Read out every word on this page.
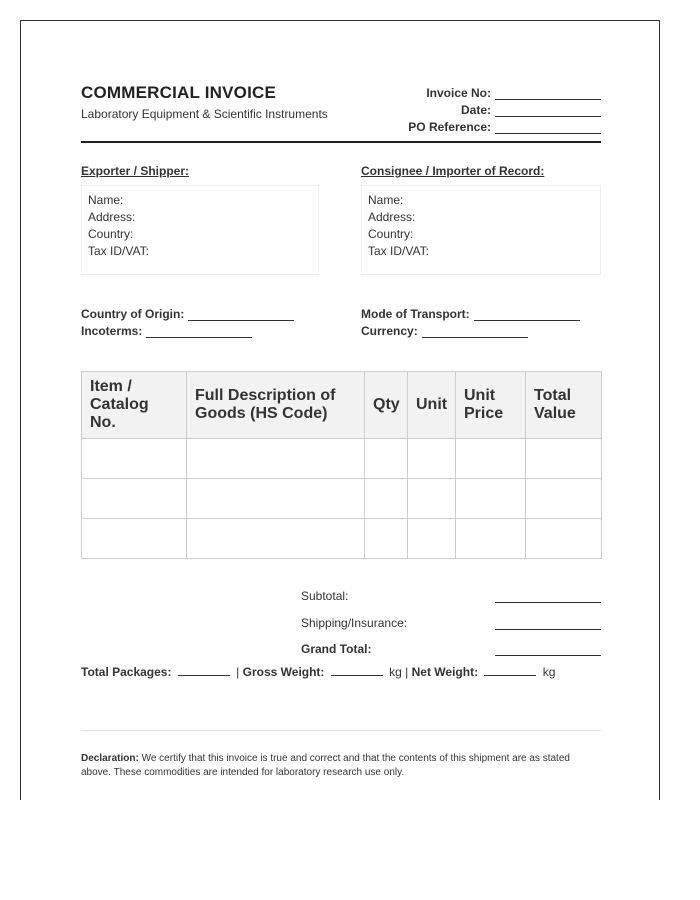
COMMERCIAL INVOICE
Laboratory Equipment & Scientific Instruments
Invoice No:
Date:
PO Reference:
Exporter / Shipper:
Name:
Address:
Country:
Tax ID/VAT:
Consignee / Importer of Record:
Name:
Address:
Country:
Tax ID/VAT:
Country of Origin:
Incoterms:
Mode of Transport:
Currency:
Item / Catalog No.	Full Description of Goods (HS Code)	Qty	Unit	Unit Price	Total Value

Subtotal:
Shipping/Insurance:
Grand Total:
Total Packages:	| Gross Weight:	kg | Net Weight:	kg
Declaration: We certify that this invoice is true and correct and that the contents of this shipment are as stated above. These commodities are intended for laboratory research use only.
